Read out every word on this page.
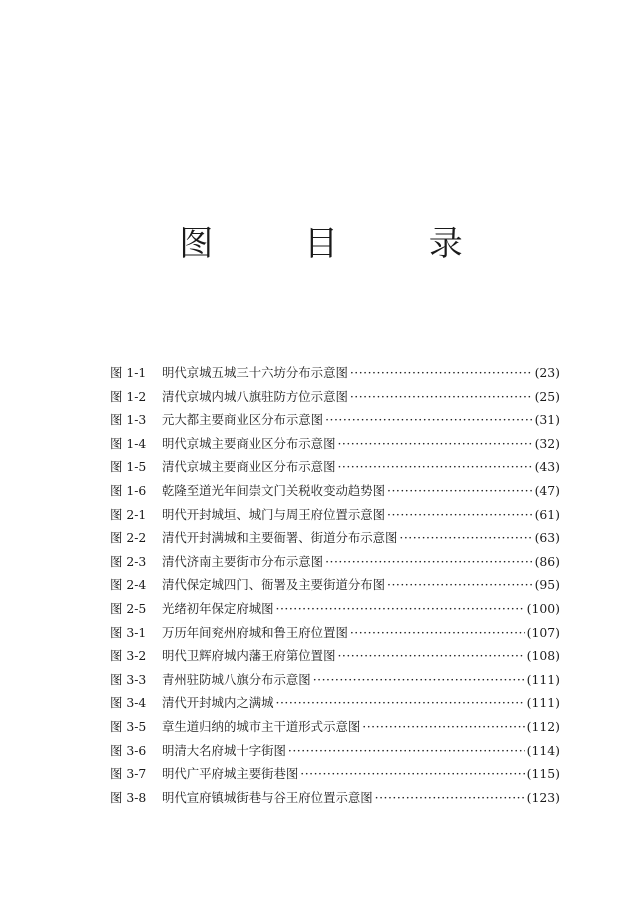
图 目 录
图 1-1	明代京城五城三十六坊分布示意图 ·····	(23)
图 1-2	清代京城内城八旗驻防方位示意图 ·····	(25)
图 1-3	元大都主要商业区分布示意图 ·····	(31)
图 1-4	明代京城主要商业区分布示意图 ·····	(32)
图 1-5	清代京城主要商业区分布示意图 ·····	(43)
图 1-6	乾隆至道光年间崇文门关税收变动趋势图 ·····	(47)
图 2-1	明代开封城垣、城门与周王府位置示意图 ·····	(61)
图 2-2	清代开封满城和主要衙署、街道分布示意图 ·····	(63)
图 2-3	清代济南主要街市分布示意图 ·····	(86)
图 2-4	清代保定城四门、衙署及主要街道分布图 ·····	(95)
图 2-5	光绪初年保定府城图 ·····	(100)
图 3-1	万历年间兖州府城和鲁王府位置图 ·····	(107)
图 3-2	明代卫辉府城内藩王府第位置图 ·····	(108)
图 3-3	青州驻防城八旗分布示意图 ·····	(111)
图 3-4	清代开封城内之满城 ·····	(111)
图 3-5	章生道归纳的城市主干道形式示意图 ·····	(112)
图 3-6	明清大名府城十字街图 ·····	(114)
图 3-7	明代广平府城主要街巷图 ·····	(115)
图 3-8	明代宣府镇城街巷与谷王府位置示意图 ·····	(123)
